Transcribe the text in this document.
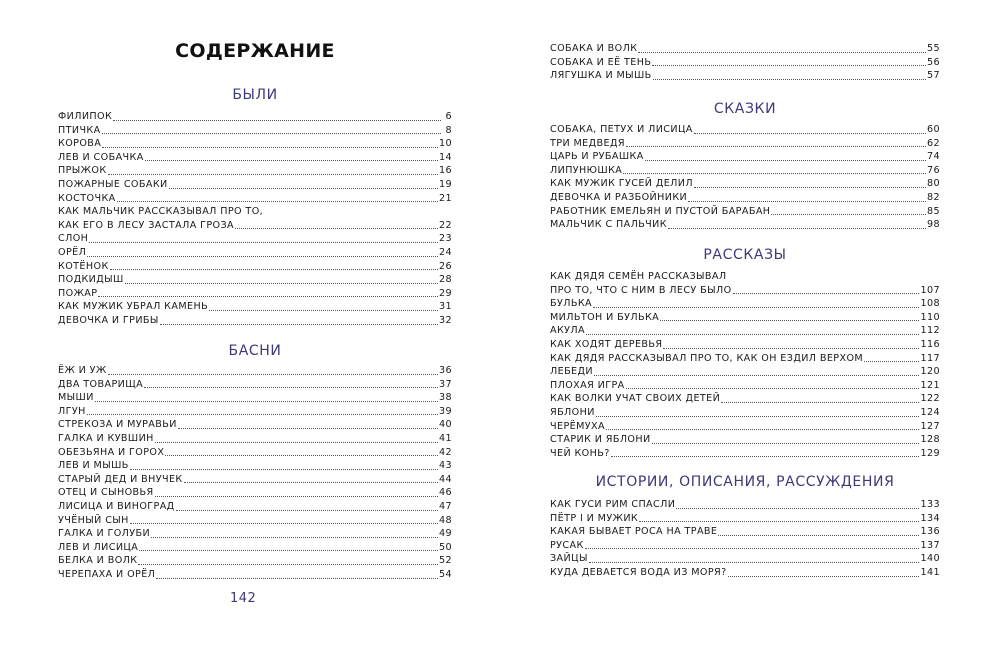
СОДЕРЖАНИЕ
БЫЛИ
ФИЛИПОК	6
ПТИЧКА	8
КОРОВА	10
ЛЕВ И СОБАЧКА	14
ПРЫЖОК	16
ПОЖАРНЫЕ СОБАКИ	19
КОСТОЧКА	21
КАК МАЛЬЧИК РАССКАЗЫВАЛ ПРО ТО,
КАК ЕГО В ЛЕСУ ЗАСТАЛА ГРОЗА	22
СЛОН	23
ОРЁЛ	24
КОТЁНОК	26
ПОДКИДЫШ	28
ПОЖАР	29
КАК МУЖИК УБРАЛ КАМЕНЬ	31
ДЕВОЧКА И ГРИБЫ	32
БАСНИ
ЁЖ И УЖ	36
ДВА ТОВАРИЩА	37
МЫШИ	38
ЛГУН	39
СТРЕКОЗА И МУРАВЬИ	40
ГАЛКА И КУВШИН	41
ОБЕЗЬЯНА И ГОРОХ	42
ЛЕВ И МЫШЬ	43
СТАРЫЙ ДЕД И ВНУЧЕК	44
ОТЕЦ И СЫНОВЬЯ	46
ЛИСИЦА И ВИНОГРАД	47
УЧЁНЫЙ СЫН	48
ГАЛКА И ГОЛУБИ	49
ЛЕВ И ЛИСИЦА	50
БЕЛКА И ВОЛК	52
ЧЕРЕПАХА И ОРЁЛ	54
142
СОБАКА И ВОЛК	55
СОБАКА И ЕЁ ТЕНЬ	56
ЛЯГУШКА И МЫШЬ	57
СКАЗКИ
СОБАКА, ПЕТУХ И ЛИСИЦА	60
ТРИ МЕДВЕДЯ	62
ЦАРЬ И РУБАШКА	74
ЛИПУНЮШКА	76
КАК МУЖИК ГУСЕЙ ДЕЛИЛ	80
ДЕВОЧКА И РАЗБОЙНИКИ	82
РАБОТНИК ЕМЕЛЬЯН И ПУСТОЙ БАРАБАН	85
МАЛЬЧИК С ПАЛЬЧИК	98
РАССКАЗЫ
КАК ДЯДЯ СЕМЁН РАССКАЗЫВАЛ
ПРО ТО, ЧТО С НИМ В ЛЕСУ БЫЛО	107
БУЛЬКА	108
МИЛЬТОН И БУЛЬКА	110
АКУЛА	112
КАК ХОДЯТ ДЕРЕВЬЯ	116
КАК ДЯДЯ РАССКАЗЫВАЛ ПРО ТО, КАК ОН ЕЗДИЛ ВЕРХОМ	117
ЛЕБЕДИ	120
ПЛОХАЯ ИГРА	121
КАК ВОЛКИ УЧАТ СВОИХ ДЕТЕЙ	122
ЯБЛОНИ	124
ЧЕРЁМУХА	127
СТАРИК И ЯБЛОНИ	128
ЧЕЙ КОНЬ?	129
ИСТОРИИ, ОПИСАНИЯ, РАССУЖДЕНИЯ
КАК ГУСИ РИМ СПАСЛИ	133
ПЁТР I И МУЖИК	134
КАКАЯ БЫВАЕТ РОСА НА ТРАВЕ	136
РУСАК	137
ЗАЙЦЫ	140
КУДА ДЕВАЕТСЯ ВОДА ИЗ МОРЯ?	141
